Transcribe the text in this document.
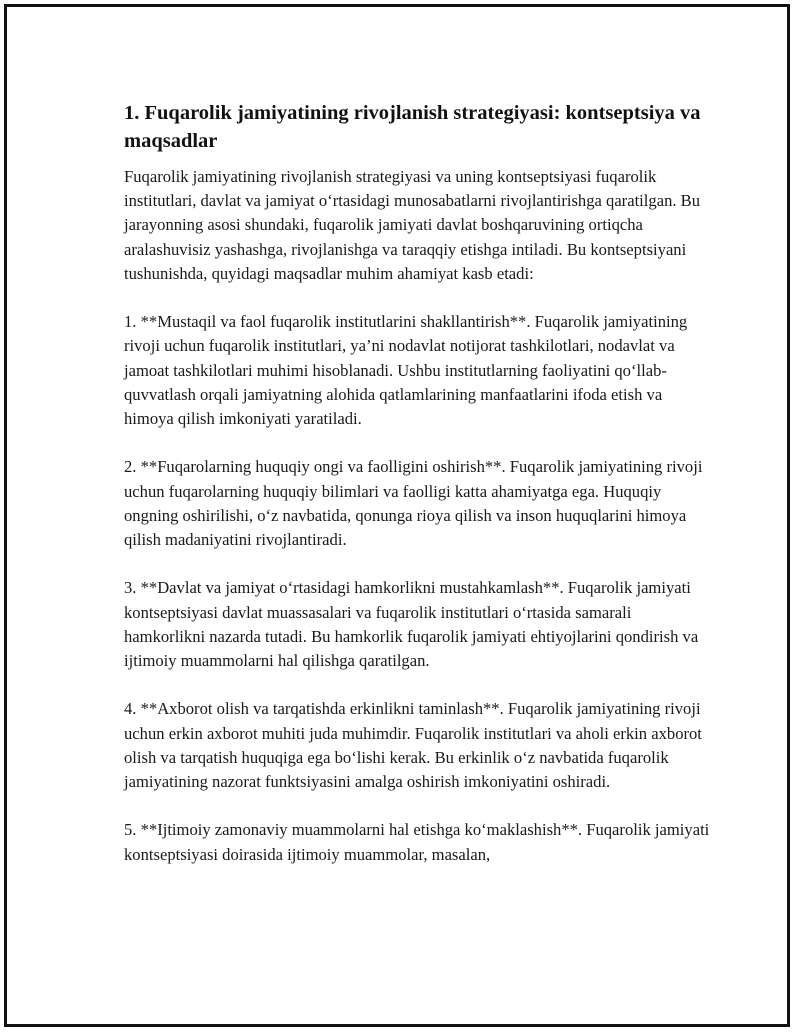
1. Fuqarolik jamiyatining rivojlanish strategiyasi: kontseptsiya va maqsadlar

Fuqarolik jamiyatining rivojlanish strategiyasi va uning kontseptsiyasi fuqarolik institutlari, davlat va jamiyat o‘rtasidagi munosabatlarni rivojlantirishga qaratilgan. Bu jarayonning asosi shundaki, fuqarolik jamiyati davlat boshqaruvining ortiqcha aralashuvisiz yashashga, rivojlanishga va taraqqiy etishga intiladi. Bu kontseptsiyani tushunishda, quyidagi maqsadlar muhim ahamiyat kasb etadi:

1. **Mustaqil va faol fuqarolik institutlarini shakllantirish**. Fuqarolik jamiyatining rivoji uchun fuqarolik institutlari, ya’ni nodavlat notijorat tashkilotlari, nodavlat va jamoat tashkilotlari muhimi hisoblanadi. Ushbu institutlarning faoliyatini qo‘llab-quvvatlash orqali jamiyatning alohida qatlamlarining manfaatlarini ifoda etish va himoya qilish imkoniyati yaratiladi.

2. **Fuqarolarning huquqiy ongi va faolligini oshirish**. Fuqarolik jamiyatining rivoji uchun fuqarolarning huquqiy bilimlari va faolligi katta ahamiyatga ega. Huquqiy ongning oshirilishi, o‘z navbatida, qonunga rioya qilish va inson huquqlarini himoya qilish madaniyatini rivojlantiradi.

3. **Davlat va jamiyat o‘rtasidagi hamkorlikni mustahkamlash**. Fuqarolik jamiyati kontseptsiyasi davlat muassasalari va fuqarolik institutlari o‘rtasida samarali hamkorlikni nazarda tutadi. Bu hamkorlik fuqarolik jamiyati ehtiyojlarini qondirish va ijtimoiy muammolarni hal qilishga qaratilgan.

4. **Axborot olish va tarqatishda erkinlikni taminlash**. Fuqarolik jamiyatining rivoji uchun erkin axborot muhiti juda muhimdir. Fuqarolik institutlari va aholi erkin axborot olish va tarqatish huquqiga ega bo‘lishi kerak. Bu erkinlik o‘z navbatida fuqarolik jamiyatining nazorat funktsiyasini amalga oshirish imkoniyatini oshiradi.

5. **Ijtimoiy zamonaviy muammolarni hal etishga ko‘maklashish**. Fuqarolik jamiyati kontseptsiyasi doirasida ijtimoiy muammolar, masalan,
